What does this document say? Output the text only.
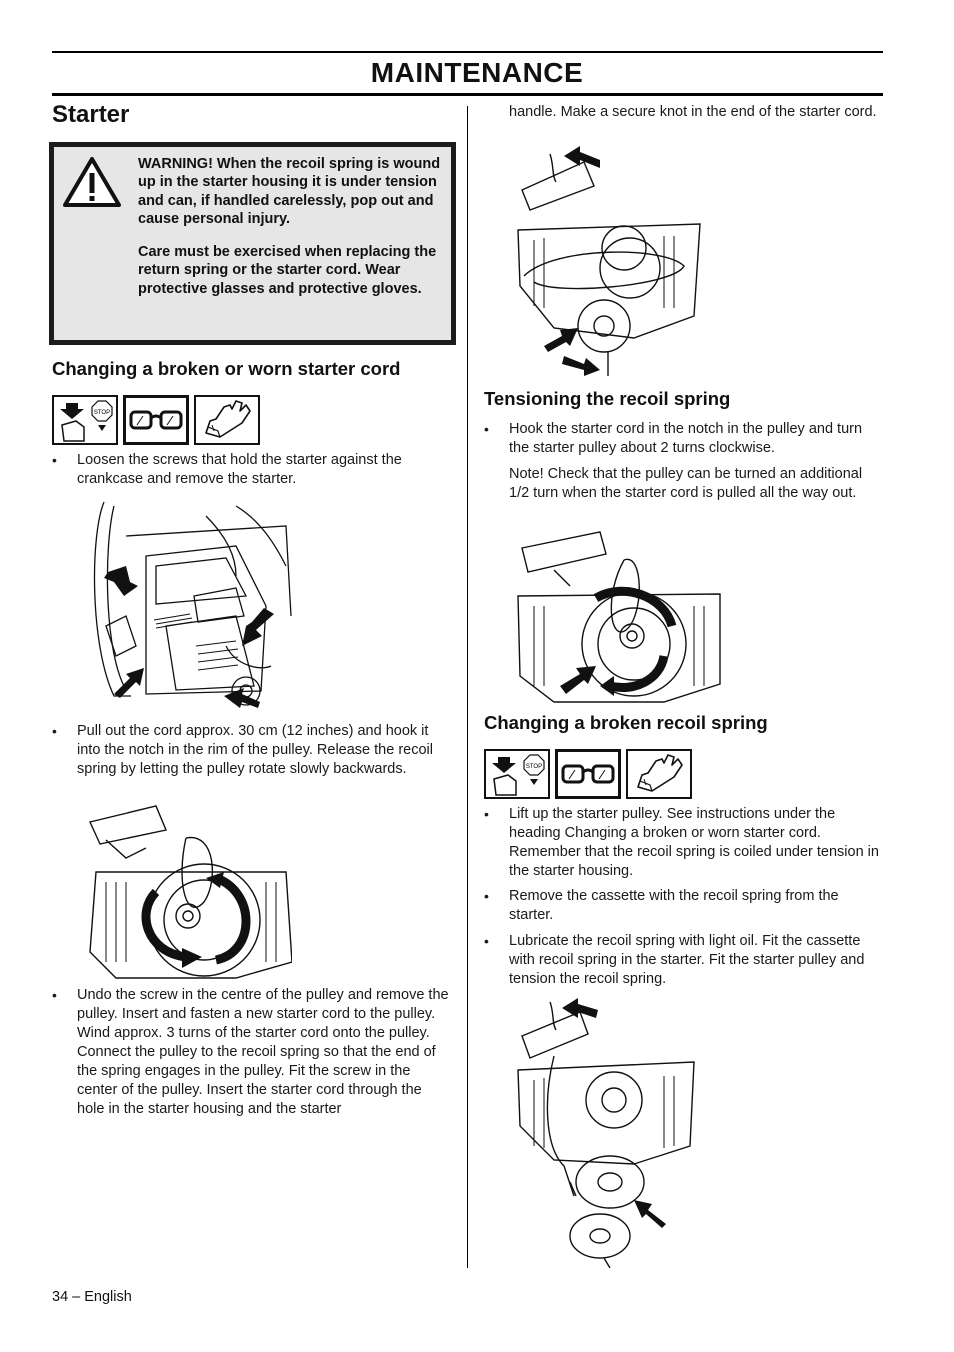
MAINTENANCE
Starter

WARNING! When the recoil spring is wound up in the starter housing it is under tension and can, if handled carelessly, pop out and cause personal injury.

Care must be exercised when replacing the return spring or the starter cord. Wear protective glasses and protective gloves.

Changing a broken or worn starter cord
STOP
• Loosen the screws that hold the starter against the crankcase and remove the starter.
• Pull out the cord approx. 30 cm (12 inches) and hook it into the notch in the rim of the pulley. Release the recoil spring by letting the pulley rotate slowly backwards.
• Undo the screw in the centre of the pulley and remove the pulley. Insert and fasten a new starter cord to the pulley. Wind approx. 3 turns of the starter cord onto the pulley. Connect the pulley to the recoil spring so that the end of the spring engages in the pulley. Fit the screw in the center of the pulley. Insert the starter cord through the hole in the starter housing and the starter
34 – English
handle. Make a secure knot in the end of the starter cord.
Tensioning the recoil spring
• Hook the starter cord in the notch in the pulley and turn the starter pulley about 2 turns clockwise.
Note! Check that the pulley can be turned an additional 1/2 turn when the starter cord is pulled all the way out.
Changing a broken recoil spring
STOP
• Lift up the starter pulley. See instructions under the heading Changing a broken or worn starter cord. Remember that the recoil spring is coiled under tension in the starter housing.
• Remove the cassette with the recoil spring from the starter.
• Lubricate the recoil spring with light oil. Fit the cassette with recoil spring in the starter. Fit the starter pulley and tension the recoil spring.
